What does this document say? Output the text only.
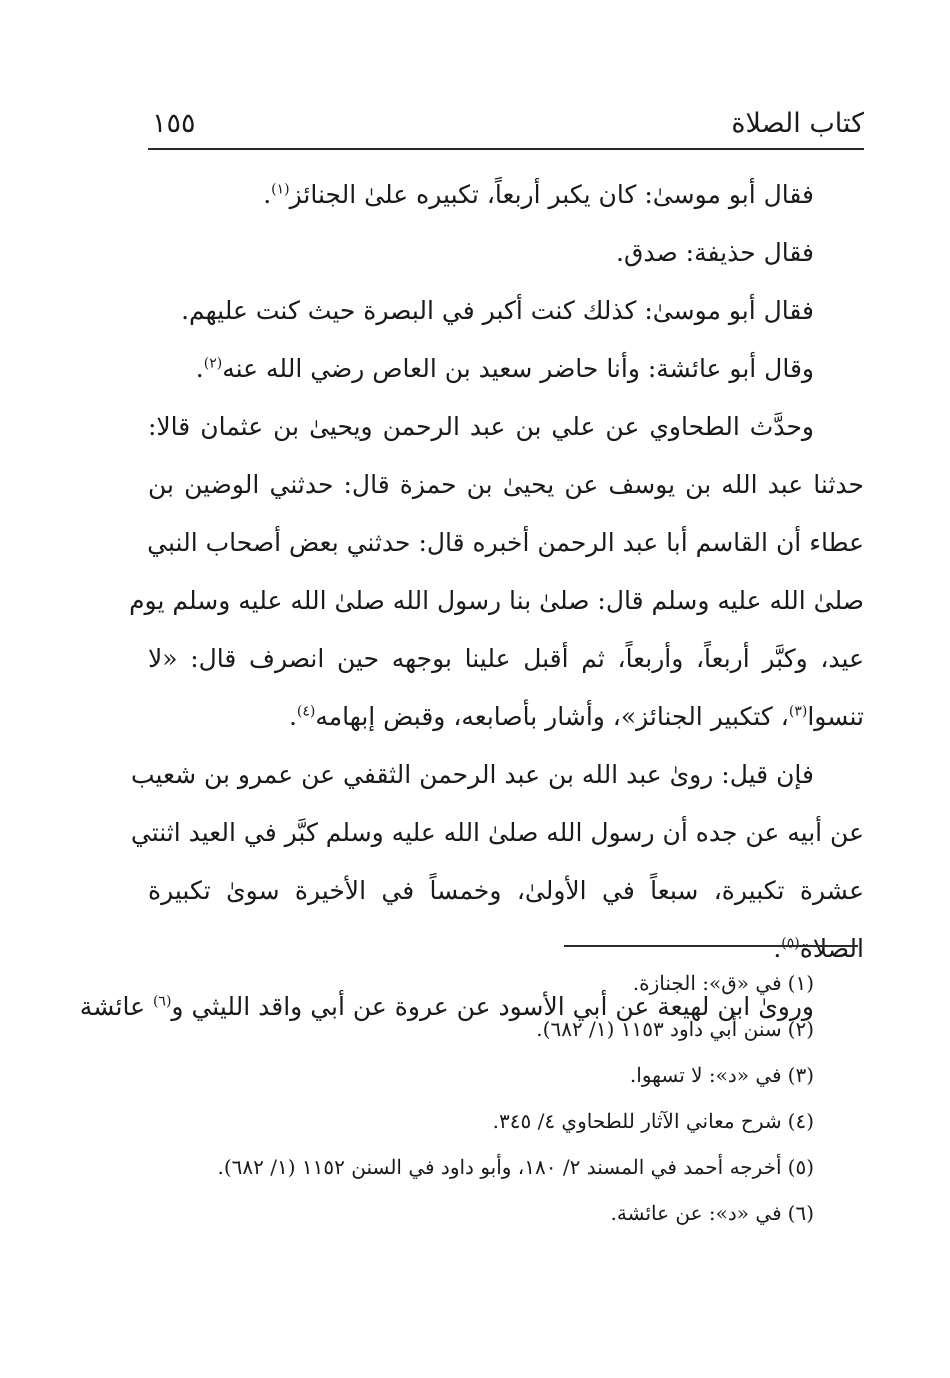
كتاب الصلاة
١٥٥
فقال أبو موسىٰ: كان يكبر أربعاً، تكبيره علىٰ الجنائز$^{(١)}$.
فقال حذيفة: صدق.
فقال أبو موسىٰ: كذلك كنت أكبر في البصرة حيث كنت عليهم.
وقال أبو عائشة: وأنا حاضر سعيد بن العاص رضي الله عنه$^{(٢)}$.
وحدَّث الطحاوي عن علي بن عبد الرحمن ويحيىٰ بن عثمان قالا:
حدثنا عبد الله بن يوسف عن يحيىٰ بن حمزة قال: حدثني الوضين بن
عطاء أن القاسم أبا عبد الرحمن أخبره قال: حدثني بعض أصحاب النبي
صلىٰ الله عليه وسلم قال: صلىٰ بنا رسول الله صلىٰ الله عليه وسلم يوم
عيد، وكبَّر أربعاً، وأربعاً، ثم أقبل علينا بوجهه حين انصرف قال: «لا
تنسوا$^{(٣)}$، كتكبير الجنائز»، وأشار بأصابعه، وقبض إبهامه$^{(٤)}$.
فإن قيل: روىٰ عبد الله بن عبد الرحمن الثقفي عن عمرو بن شعيب
عن أبيه عن جده أن رسول الله صلىٰ الله عليه وسلم كبَّر في العيد اثنتي
عشرة تكبيرة، سبعاً في الأولىٰ، وخمساً في الأخيرة سوىٰ تكبيرة
الصلاة$^{(٥)}$.
وروىٰ ابن لهيعة عن أبي الأسود عن عروة عن أبي واقد الليثي و$^{(٦)}$ عائشة
(١)في «ق»: الجنازة.
(٢)سنن أبي داود ١١٥٣ (١/ ٦٨٢).
(٣)في «د»: لا تسهوا.
(٤)شرح معاني الآثار للطحاوي ٤/ ٣٤٥.
(٥)أخرجه أحمد في المسند ٢/ ١٨٠، وأبو داود في السنن ١١٥٢ (١/ ٦٨٢).
(٦)في «د»: عن عائشة.
